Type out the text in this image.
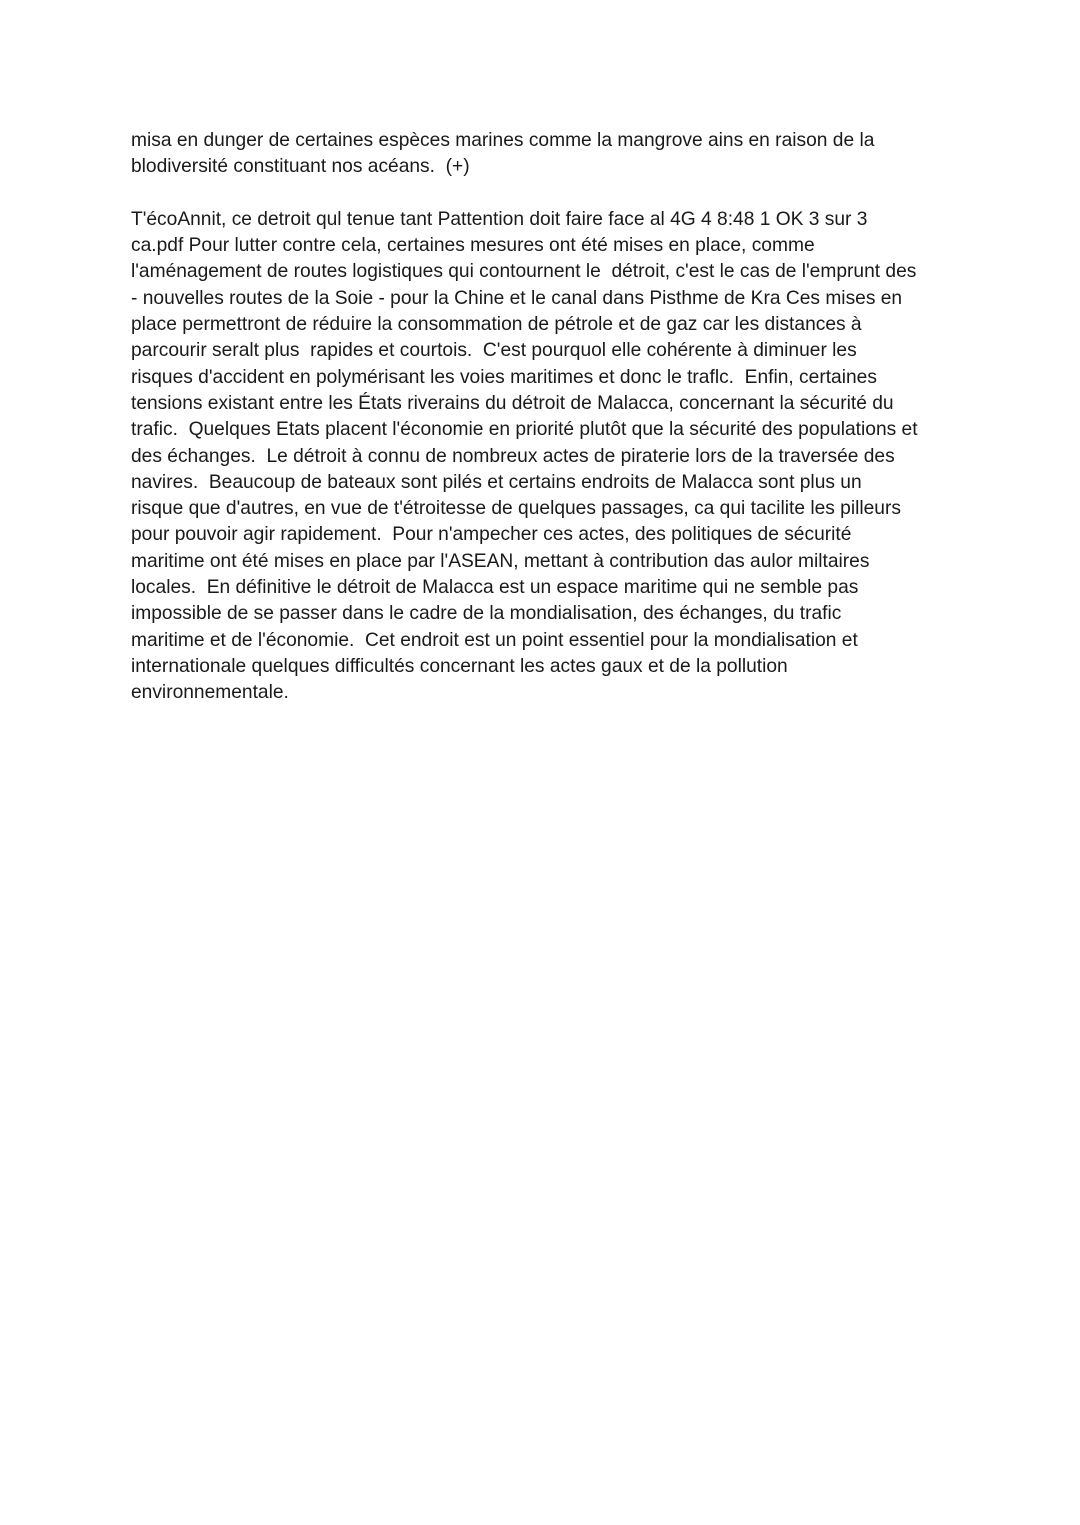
misa en dunger de certaines espèces marines comme la mangrove ains en raison de la
blodiversité constituant nos acéans.  (+)
T'écoAnnit, ce detroit qul tenue tant Pattention doit faire face al 4G 4 8:48 1 OK 3 sur 3
ca.pdf Pour lutter contre cela, certaines mesures ont été mises en place, comme
l'aménagement de routes logistiques qui contournent le  détroit, c'est le cas de l'emprunt des
- nouvelles routes de la Soie - pour la Chine et le canal dans Pisthme de Kra Ces mises en
place permettront de réduire la consommation de pétrole et de gaz car les distances à
parcourir seralt plus  rapides et courtois.  C'est pourquol elle cohérente à diminuer les
risques d'accident en polymérisant les voies maritimes et donc le traflc.  Enfin, certaines
tensions existant entre les États riverains du détroit de Malacca, concernant la sécurité du
trafic.  Quelques Etats placent l'économie en priorité plutôt que la sécurité des populations et
des échanges.  Le détroit à connu de nombreux actes de piraterie lors de la traversée des
navires.  Beaucoup de bateaux sont pilés et certains endroits de Malacca sont plus un
risque que d'autres, en vue de t'étroitesse de quelques passages, ca qui tacilite les pilleurs
pour pouvoir agir rapidement.  Pour n'ampecher ces actes, des politiques de sécurité
maritime ont été mises en place par l'ASEAN, mettant à contribution das aulor miltaires
locales.  En définitive le détroit de Malacca est un espace maritime qui ne semble pas
impossible de se passer dans le cadre de la mondialisation, des échanges, du trafic
maritime et de l'économie.  Cet endroit est un point essentiel pour la mondialisation et
internationale quelques difficultés concernant les actes gaux et de la pollution
environnementale.
